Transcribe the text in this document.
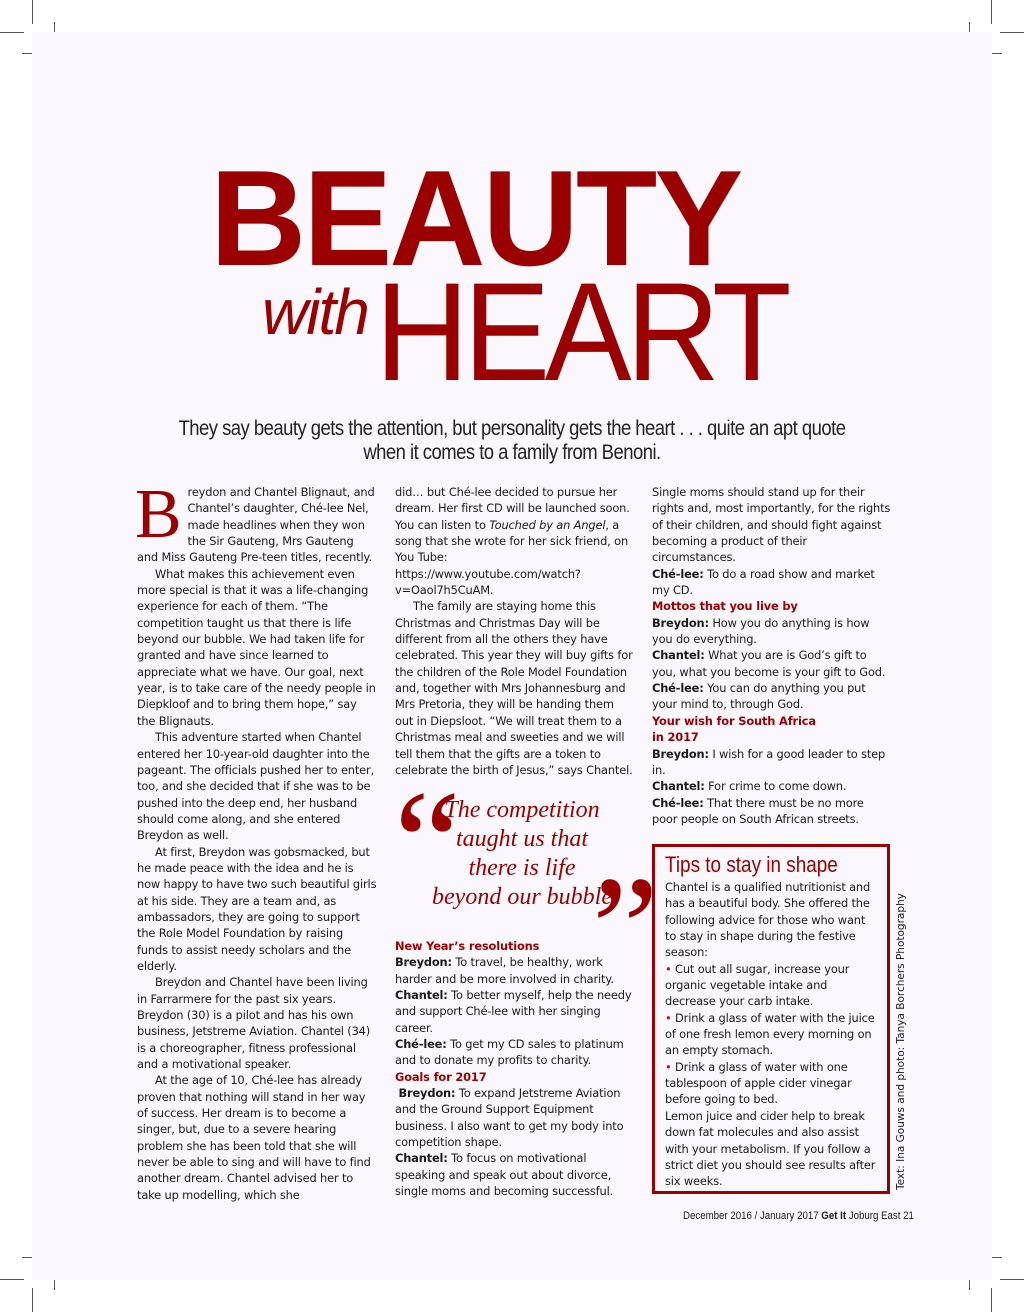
BEAUTY
with HEART
They say beauty gets the attention, but personality gets the heart . . . quite an apt quote when it comes to a family from Benoni.

Breydon and Chantel Blignaut, and Chantel’s daughter, Ché-lee Nel, made headlines when they won the Sir Gauteng, Mrs Gauteng and Miss Gauteng Pre-teen titles, recently.

What makes this achievement even more special is that it was a life-changing experience for each of them. “The competition taught us that there is life beyond our bubble. We had taken life for granted and have since learned to appreciate what we have. Our goal, next year, is to take care of the needy people in Diepkloof and to bring them hope,” say the Blignauts.

This adventure started when Chantel entered her 10-year-old daughter into the pageant. The officials pushed her to enter, too, and she decided that if she was to be pushed into the deep end, her husband should come along, and she entered Breydon as well.

At first, Breydon was gobsmacked, but he made peace with the idea and he is now happy to have two such beautiful girls at his side. They are a team and, as ambassadors, they are going to support the Role Model Foundation by raising funds to assist needy scholars and the elderly.

Breydon and Chantel have been living in Farrarmere for the past six years. Breydon (30) is a pilot and has his own business, Jetstreme Aviation. Chantel (34) is a choreographer, fitness professional and a motivational speaker.

At the age of 10, Ché-lee has already proven that nothing will stand in her way of success. Her dream is to become a singer, but, due to a severe hearing problem she has been told that she will never be able to sing and will have to find another dream. Chantel advised her to take up modelling, which she

did… but Ché-lee decided to pursue her dream. Her first CD will be launched soon. You can listen to Touched by an Angel, a song that she wrote for her sick friend, on You Tube: https://www.youtube.com/watch?v=Oaol7h5CuAM.

The family are staying home this Christmas and Christmas Day will be different from all the others they have celebrated. This year they will buy gifts for the children of the Role Model Foundation and, together with Mrs Johannesburg and Mrs Pretoria, they will be handing them out in Diepsloot. “We will treat them to a Christmas meal and sweeties and we will tell them that the gifts are a token to celebrate the birth of Jesus,” says Chantel.

“
The competition
taught us that
there is life
beyond our bubble
”

New Year’s resolutions

Breydon: To travel, be healthy, work harder and be more involved in charity.

Chantel: To better myself, help the needy and support Ché-lee with her singing career.

Ché-lee: To get my CD sales to platinum and to donate my profits to charity.

Goals for 2017

Breydon: To expand Jetstreme Aviation and the Ground Support Equipment business. I also want to get my body into competition shape.

Chantel: To focus on motivational speaking and speak out about divorce, single moms and becoming successful.

Single moms should stand up for their rights and, most importantly, for the rights of their children, and should fight against becoming a product of their circumstances.

Ché-lee: To do a road show and market my CD.

Mottos that you live by

Breydon: How you do anything is how you do everything.

Chantel: What you are is God’s gift to you, what you become is your gift to God.

Ché-lee: You can do anything you put your mind to, through God.

Your wish for South Africa
in 2017

Breydon: I wish for a good leader to step in.

Chantel: For crime to come down.

Ché-lee: That there must be no more poor people on South African streets.

Tips to stay in shape

Chantel is a qualified nutritionist and has a beautiful body. She offered the following advice for those who want to stay in shape during the festive season:

• Cut out all sugar, increase your organic vegetable intake and decrease your carb intake.

• Drink a glass of water with the juice of one fresh lemon every morning on an empty stomach.

• Drink a glass of water with one tablespoon of apple cider vinegar before going to bed.

Lemon juice and cider help to break down fat molecules and also assist with your metabolism. If you follow a strict diet you should see results after six weeks.	Text: Ina Gouws and photo: Tanya Borchers Photography
December 2016 / January 2017 Get It Joburg East 21
